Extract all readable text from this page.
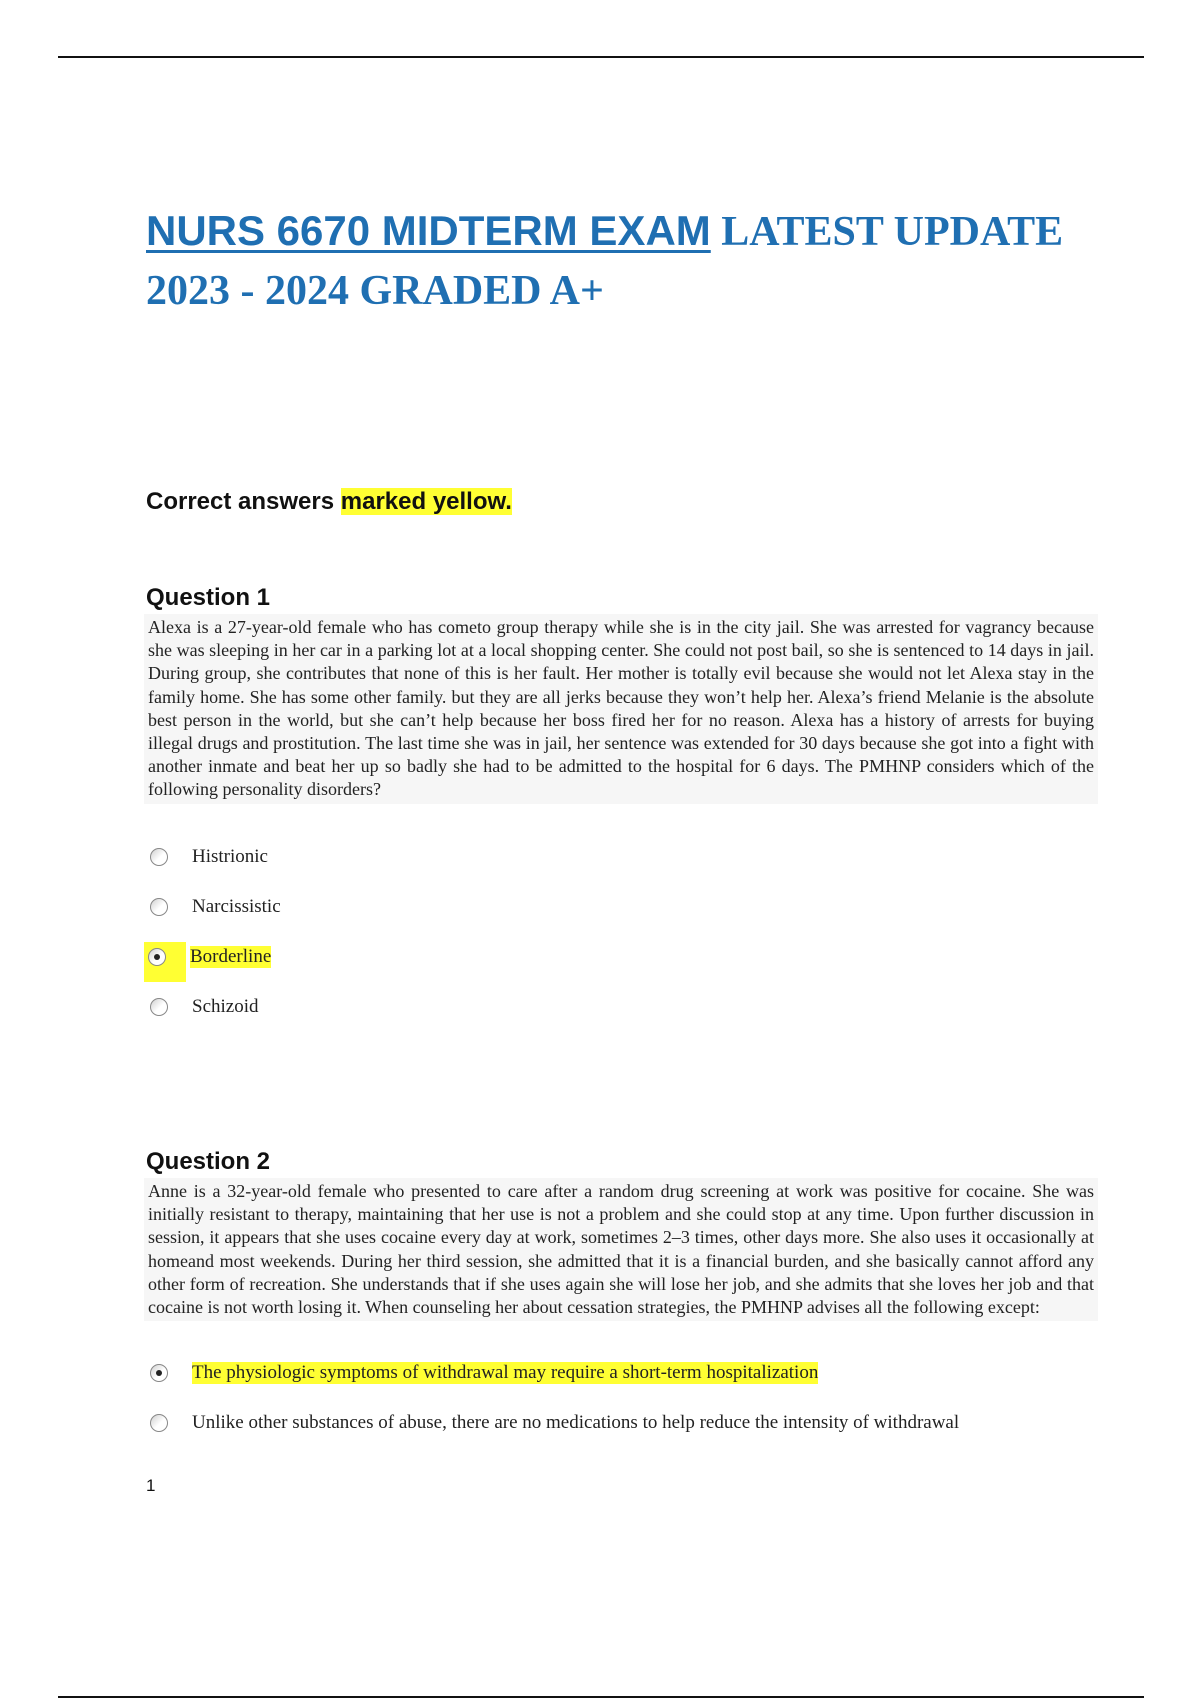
NURS 6670 MIDTERM EXAM LATEST UPDATE 2023 - 2024 GRADED A+
Correct answers marked yellow.
Question 1
Alexa is a 27-year-old female who has cometo group therapy while she is in the city jail. She was arrested for vagrancy because she was sleeping in her car in a parking lot at a local shopping center. She could not post bail, so she is sentenced to 14 days in jail. During group, she contributes that none of this is her fault. Her mother is totally evil because she would not let Alexa stay in the family home. She has some other family. but they are all jerks because they won’t help her. Alexa’s friend Melanie is the absolute best person in the world, but she can’t help because her boss fired her for no reason. Alexa has a history of arrests for buying illegal drugs and prostitution. The last time she was in jail, her sentence was extended for 30 days because she got into a fight with another inmate and beat her up so badly she had to be admitted to the hospital for 6 days. The PMHNP considers which of the following personality disorders?
Histrionic
Narcissistic
Borderline
Schizoid
Question 2
Anne is a 32-year-old female who presented to care after a random drug screening at work was positive for cocaine. She was initially resistant to therapy, maintaining that her use is not a problem and she could stop at any time. Upon further discussion in session, it appears that she uses cocaine every day at work, sometimes 2–3 times, other days more. She also uses it occasionally at homeand most weekends. During her third session, she admitted that it is a financial burden, and she basically cannot afford any other form of recreation. She understands that if she uses again she will lose her job, and she admits that she loves her job and that cocaine is not worth losing it. When counseling her about cessation strategies, the PMHNP advises all the following except:
The physiologic symptoms of withdrawal may require a short-term hospitalization
Unlike other substances of abuse, there are no medications to help reduce the intensity of withdrawal
1
